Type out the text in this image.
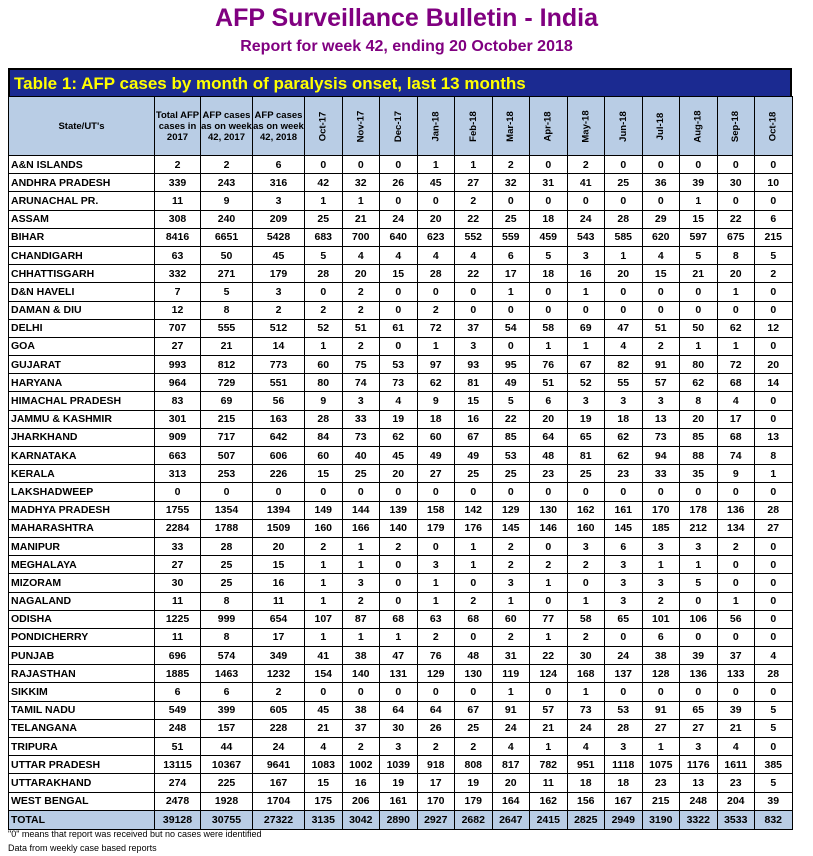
AFP Surveillance Bulletin - India
Report for week 42, ending 20 October 2018
Table 1: AFP cases by month of paralysis onset, last 13 months
State/UT's	Total AFP cases in 2017	AFP cases as on week 42, 2017	AFP cases as on week 42, 2018	Oct-17	Nov-17	Dec-17	Jan-18	Feb-18	Mar-18	Apr-18	May-18	Jun-18	Jul-18	Aug-18	Sep-18	Oct-18
A&N ISLANDS	2	2	6	0	0	0	1	1	2	0	2	0	0	0	0	0
ANDHRA PRADESH	339	243	316	42	32	26	45	27	32	31	41	25	36	39	30	10
ARUNACHAL PR.	11	9	3	1	1	0	0	2	0	0	0	0	0	1	0	0
ASSAM	308	240	209	25	21	24	20	22	25	18	24	28	29	15	22	6
BIHAR	8416	6651	5428	683	700	640	623	552	559	459	543	585	620	597	675	215
CHANDIGARH	63	50	45	5	4	4	4	4	6	5	3	1	4	5	8	5
CHHATTISGARH	332	271	179	28	20	15	28	22	17	18	16	20	15	21	20	2
D&N HAVELI	7	5	3	0	2	0	0	0	1	0	1	0	0	0	1	0
DAMAN & DIU	12	8	2	2	2	0	2	0	0	0	0	0	0	0	0	0
DELHI	707	555	512	52	51	61	72	37	54	58	69	47	51	50	62	12
GOA	27	21	14	1	2	0	1	3	0	1	1	4	2	1	1	0
GUJARAT	993	812	773	60	75	53	97	93	95	76	67	82	91	80	72	20
HARYANA	964	729	551	80	74	73	62	81	49	51	52	55	57	62	68	14
HIMACHAL PRADESH	83	69	56	9	3	4	9	15	5	6	3	3	3	8	4	0
JAMMU & KASHMIR	301	215	163	28	33	19	18	16	22	20	19	18	13	20	17	0
JHARKHAND	909	717	642	84	73	62	60	67	85	64	65	62	73	85	68	13
KARNATAKA	663	507	606	60	40	45	49	49	53	48	81	62	94	88	74	8
KERALA	313	253	226	15	25	20	27	25	25	23	25	23	33	35	9	1
LAKSHADWEEP	0	0	0	0	0	0	0	0	0	0	0	0	0	0	0	0
MADHYA PRADESH	1755	1354	1394	149	144	139	158	142	129	130	162	161	170	178	136	28
MAHARASHTRA	2284	1788	1509	160	166	140	179	176	145	146	160	145	185	212	134	27
MANIPUR	33	28	20	2	1	2	0	1	2	0	3	6	3	3	2	0
MEGHALAYA	27	25	15	1	1	0	3	1	2	2	2	3	1	1	0	0
MIZORAM	30	25	16	1	3	0	1	0	3	1	0	3	3	5	0	0
NAGALAND	11	8	11	1	2	0	1	2	1	0	1	3	2	0	1	0
ODISHA	1225	999	654	107	87	68	63	68	60	77	58	65	101	106	56	0
PONDICHERRY	11	8	17	1	1	1	2	0	2	1	2	0	6	0	0	0
PUNJAB	696	574	349	41	38	47	76	48	31	22	30	24	38	39	37	4
RAJASTHAN	1885	1463	1232	154	140	131	129	130	119	124	168	137	128	136	133	28
SIKKIM	6	6	2	0	0	0	0	0	1	0	1	0	0	0	0	0
TAMIL NADU	549	399	605	45	38	64	64	67	91	57	73	53	91	65	39	5
TELANGANA	248	157	228	21	37	30	26	25	24	21	24	28	27	27	21	5
TRIPURA	51	44	24	4	2	3	2	2	4	1	4	3	1	3	4	0
UTTAR PRADESH	13115	10367	9641	1083	1002	1039	918	808	817	782	951	1118	1075	1176	1611	385
UTTARAKHAND	274	225	167	15	16	19	17	19	20	11	18	18	23	13	23	5
WEST BENGAL	2478	1928	1704	175	206	161	170	179	164	162	156	167	215	248	204	39
TOTAL	39128	30755	27322	3135	3042	2890	2927	2682	2647	2415	2825	2949	3190	3322	3533	832
"0" means that report was received but no cases were identified
Data from weekly case based reports
